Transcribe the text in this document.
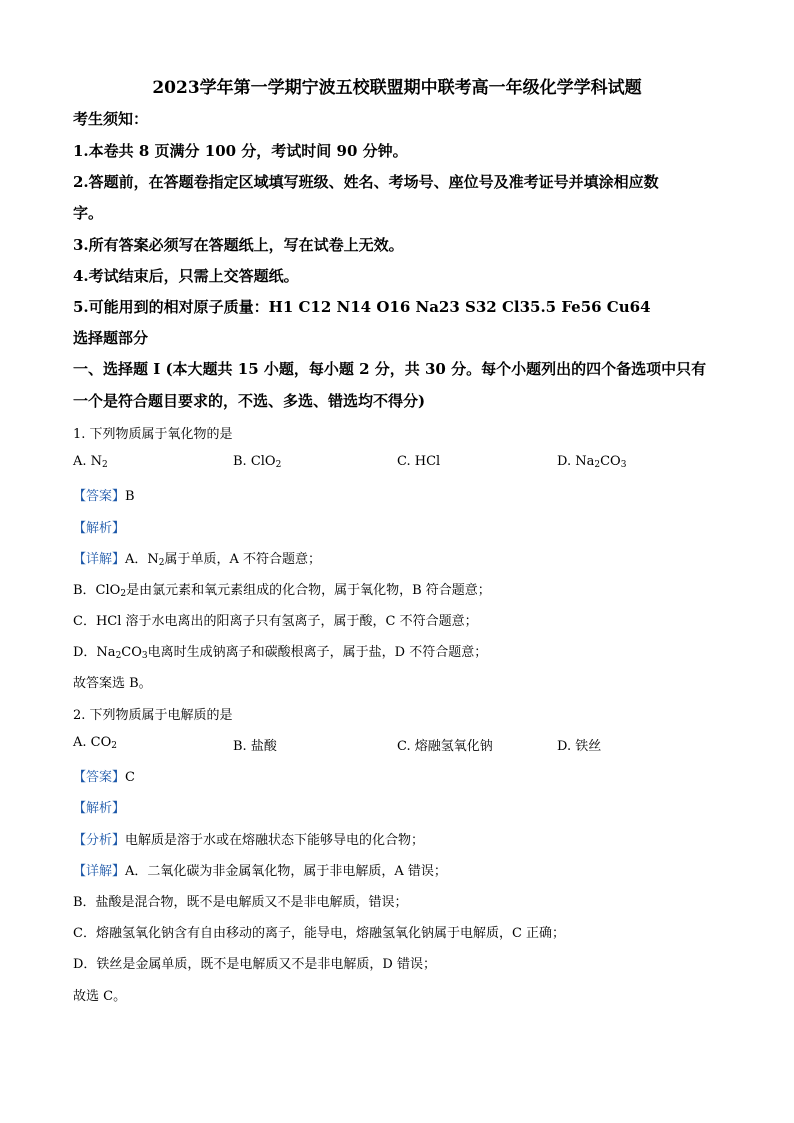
2023学年第一学期宁波五校联盟期中联考高一年级化学学科试题
考生须知：
1.本卷共 8 页满分 100 分，考试时间 90 分钟。
2.答题前，在答题卷指定区域填写班级、姓名、考场号、座位号及准考证号并填涂相应数
字。
3.所有答案必须写在答题纸上，写在试卷上无效。
4.考试结束后，只需上交答题纸。
5.可能用到的相对原子质量：H1 C12 N14 O16 Na23 S32 Cl35.5 Fe56 Cu64
选择题部分
一、选择题 I (本大题共 15 小题，每小题 2 分，共 30 分。每个小题列出的四个备选项中只有
一个是符合题目要求的，不选、多选、错选均不得分)
1. 下列物质属于氧化物的是
A. $N_2$	B. ClO$_2$	C. HCl	D. $Na_2CO_3$
【答案】B
【解析】
【详解】A．$N_2$属于单质，A 不符合题意；
B．ClO$_2$是由氯元素和氧元素组成的化合物，属于氧化物，B 符合题意；
C．HCl 溶于水电离出的阳离子只有氢离子，属于酸，C 不符合题意；
D．$Na_2CO_3$电离时生成钠离子和碳酸根离子，属于盐，D 不符合题意；
故答案选 B。
2. 下列物质属于电解质的是
A. $CO_2$	B. 盐酸	C. 熔融氢氧化钠	D. 铁丝
【答案】C
【解析】
【分析】电解质是溶于水或在熔融状态下能够导电的化合物；
【详解】A．二氧化碳为非金属氧化物，属于非电解质，A 错误；
B．盐酸是混合物，既不是电解质又不是非电解质，错误；
C．熔融氢氧化钠含有自由移动的离子，能导电，熔融氢氧化钠属于电解质，C 正确；
D．铁丝是金属单质，既不是电解质又不是非电解质，D 错误；
故选 C。
